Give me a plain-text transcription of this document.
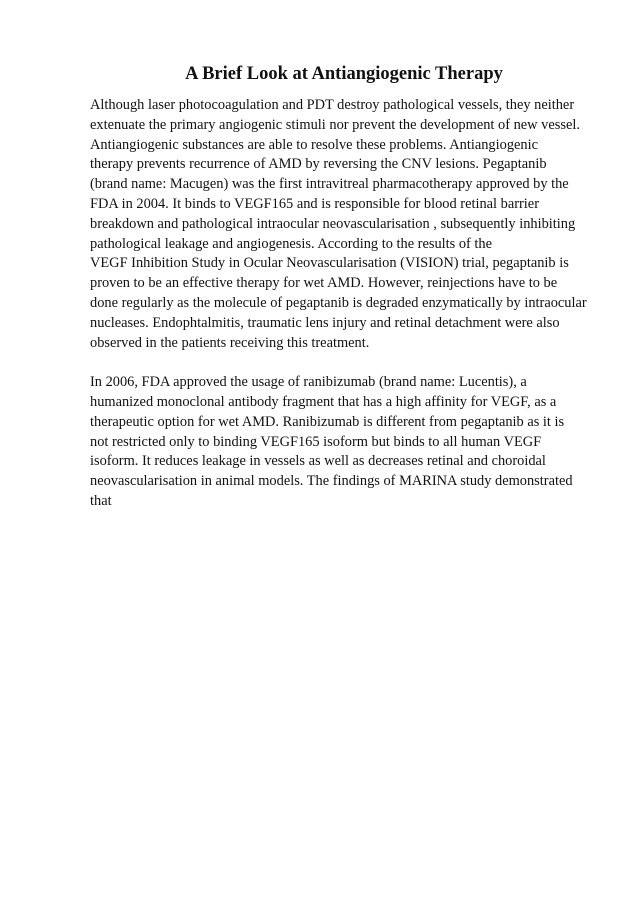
A Brief Look at Antiangiogenic Therapy
Although laser photocoagulation and PDT destroy pathological vessels, they neither
extenuate the primary angiogenic stimuli nor prevent the development of new vessel.
Antiangiogenic substances are able to resolve these problems. Antiangiogenic
therapy prevents recurrence of AMD by reversing the CNV lesions. Pegaptanib
(brand name: Macugen) was the first intravitreal pharmacotherapy approved by the
FDA in 2004. It binds to VEGF165 and is responsible for blood retinal barrier
breakdown and pathological intraocular neovascularisation , subsequently inhibiting
pathological leakage and angiogenesis. According to the results of the
VEGF Inhibition Study in Ocular Neovascularisation (VISION) trial, pegaptanib is
proven to be an effective therapy for wet AMD. However, reinjections have to be
done regularly as the molecule of pegaptanib is degraded enzymatically by intraocular
nucleases. Endophtalmitis, traumatic lens injury and retinal detachment were also
observed in the patients receiving this treatment.
In 2006, FDA approved the usage of ranibizumab (brand name: Lucentis), a
humanized monoclonal antibody fragment that has a high affinity for VEGF, as a
therapeutic option for wet AMD. Ranibizumab is different from pegaptanib as it is
not restricted only to binding VEGF165 isoform but binds to all human VEGF
isoform. It reduces leakage in vessels as well as decreases retinal and choroidal
neovascularisation in animal models. The findings of MARINA study demonstrated
that
